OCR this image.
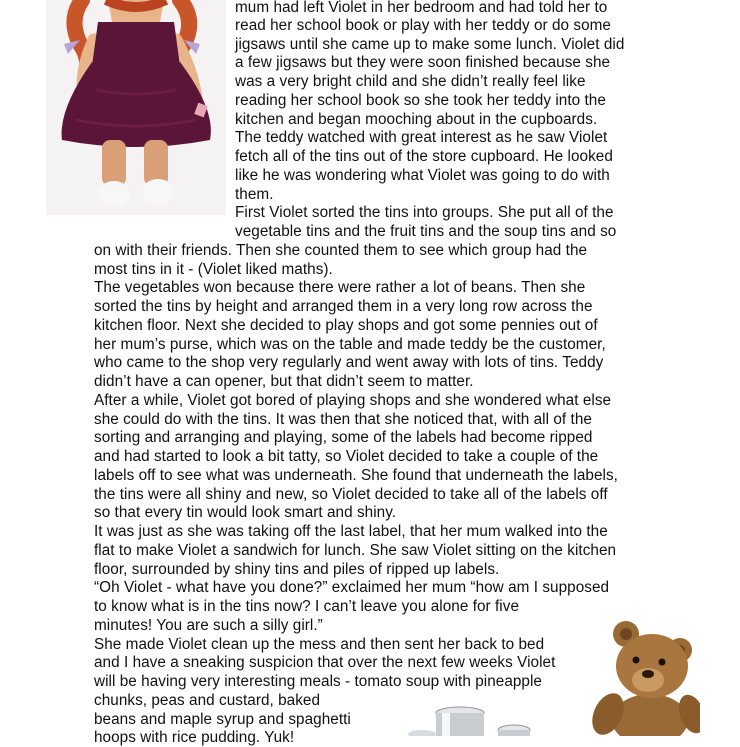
mum had left Violet in her bedroom and had told her to

read her school book or play with her teddy or do some

jigsaws until she came up to make some lunch. Violet did

a few jigsaws but they were soon finished because she

was a very bright child and she didn’t really feel like

reading her school book so she took her teddy into the

kitchen and began mooching about in the cupboards.

The teddy watched with great interest as he saw Violet

fetch all of the tins out of the store cupboard. He looked

like he was wondering what Violet was going to do with

them.

First Violet sorted the tins into groups. She put all of the

vegetable tins and the fruit tins and the soup tins and so

on with their friends. Then she counted them to see which group had the

most tins in it - (Violet liked maths).

The vegetables won because there were rather a lot of beans. Then she

sorted the tins by height and arranged them in a very long row across the

kitchen floor. Next she decided to play shops and got some pennies out of

her mum’s purse, which was on the table and made teddy be the customer,

who came to the shop very regularly and went away with lots of tins. Teddy

didn’t have a can opener, but that didn’t seem to matter.

After a while, Violet got bored of playing shops and she wondered what else

she could do with the tins. It was then that she noticed that, with all of the

sorting and arranging and playing, some of the labels had become ripped

and had started to look a bit tatty, so Violet decided to take a couple of the

labels off to see what was underneath. She found that underneath the labels,

the tins were all shiny and new, so Violet decided to take all of the labels off

so that every tin would look smart and shiny.

It was just as she was taking off the last label, that her mum walked into the

flat to make Violet a sandwich for lunch. She saw Violet sitting on the kitchen

floor, surrounded by shiny tins and piles of ripped up labels.

“Oh Violet - what have you done?” exclaimed her mum “how am I supposed

to know what is in the tins now? I can’t leave you alone for five

minutes! You are such a silly girl.”

She made Violet clean up the mess and then sent her back to bed

and I have a sneaking suspicion that over the next few weeks Violet

will be having very interesting meals - tomato soup with pineapple

chunks, peas and custard, baked

beans and maple syrup and spaghetti

hoops with rice pudding. Yuk!
